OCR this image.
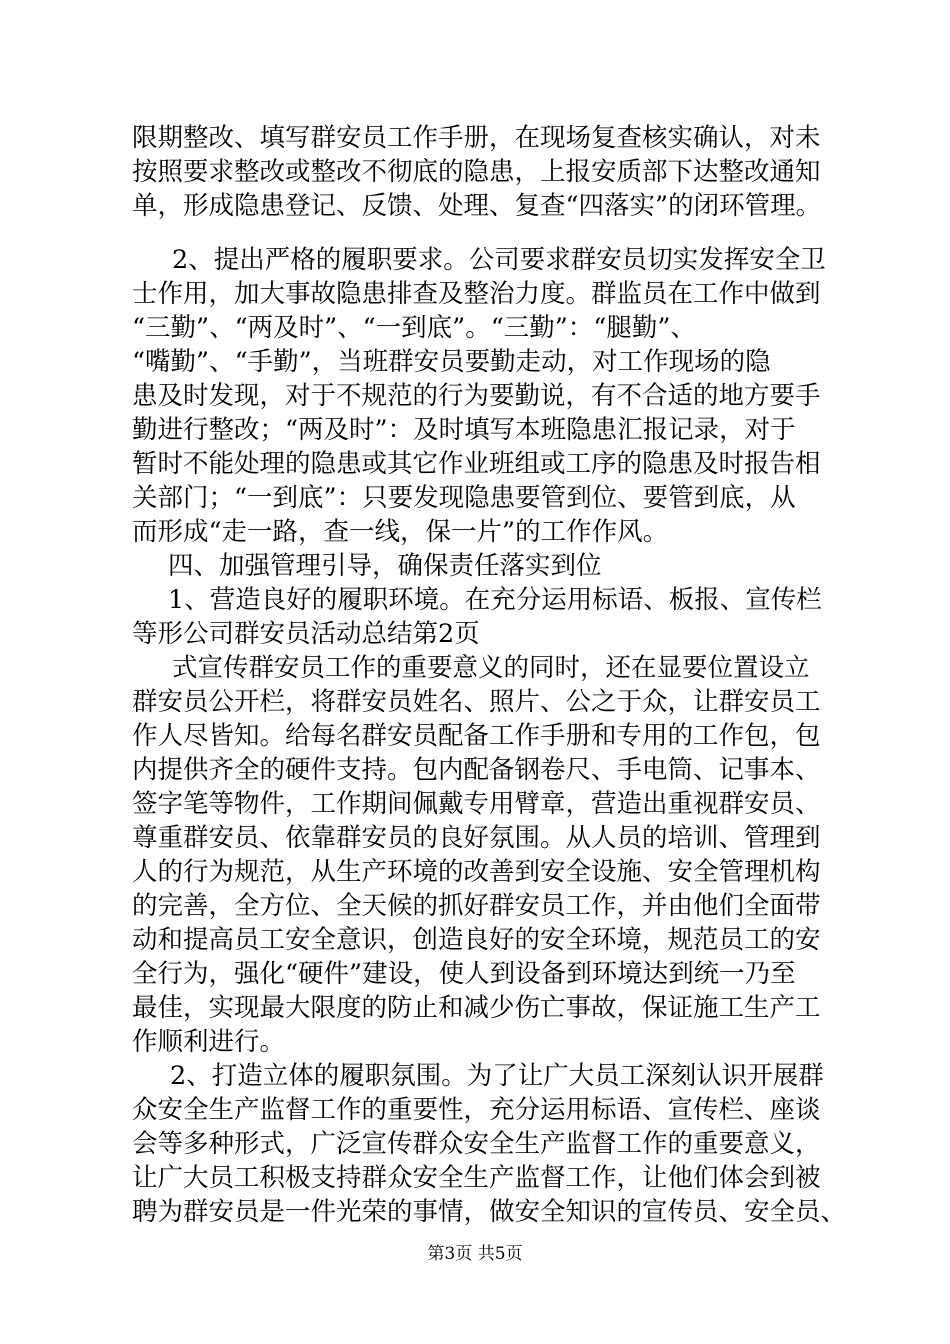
限期整改、填写群安员工作手册，在现场复查核实确认，对未
按照要求整改或整改不彻底的隐患，上报安质部下达整改通知
单，形成隐患登记、反馈、处理、复查“四落实”的闭环管理。
2、提出严格的履职要求。公司要求群安员切实发挥安全卫
士作用，加大事故隐患排查及整治力度。群监员在工作中做到
“三勤”、“两及时”、“一到底”。“三勤”：“腿勤”、
“嘴勤”、“手勤”，当班群安员要勤走动，对工作现场的隐
患及时发现，对于不规范的行为要勤说，有不合适的地方要手
勤进行整改；“两及时”：及时填写本班隐患汇报记录，对于
暂时不能处理的隐患或其它作业班组或工序的隐患及时报告相
关部门；“一到底”：只要发现隐患要管到位、要管到底，从
而形成“走一路，查一线，保一片”的工作作风。
四、加强管理引导，确保责任落实到位
1、营造良好的履职环境。在充分运用标语、板报、宣传栏
等形公司群安员活动总结第2页
式宣传群安员工作的重要意义的同时，还在显要位置设立
群安员公开栏，将群安员姓名、照片、公之于众，让群安员工
作人尽皆知。给每名群安员配备工作手册和专用的工作包，包
内提供齐全的硬件支持。包内配备钢卷尺、手电筒、记事本、
签字笔等物件，工作期间佩戴专用臂章，营造出重视群安员、
尊重群安员、依靠群安员的良好氛围。从人员的培训、管理到
人的行为规范，从生产环境的改善到安全设施、安全管理机构
的完善，全方位、全天候的抓好群安员工作，并由他们全面带
动和提高员工安全意识，创造良好的安全环境，规范员工的安
全行为，强化“硬件”建设，使人到设备到环境达到统一乃至
最佳，实现最大限度的防止和减少伤亡事故，保证施工生产工
作顺利进行。
2、打造立体的履职氛围。为了让广大员工深刻认识开展群
众安全生产监督工作的重要性，充分运用标语、宣传栏、座谈
会等多种形式，广泛宣传群众安全生产监督工作的重要意义，
让广大员工积极支持群众安全生产监督工作，让他们体会到被
聘为群安员是一件光荣的事情，做安全知识的宣传员、安全员、
第3页 共5页
